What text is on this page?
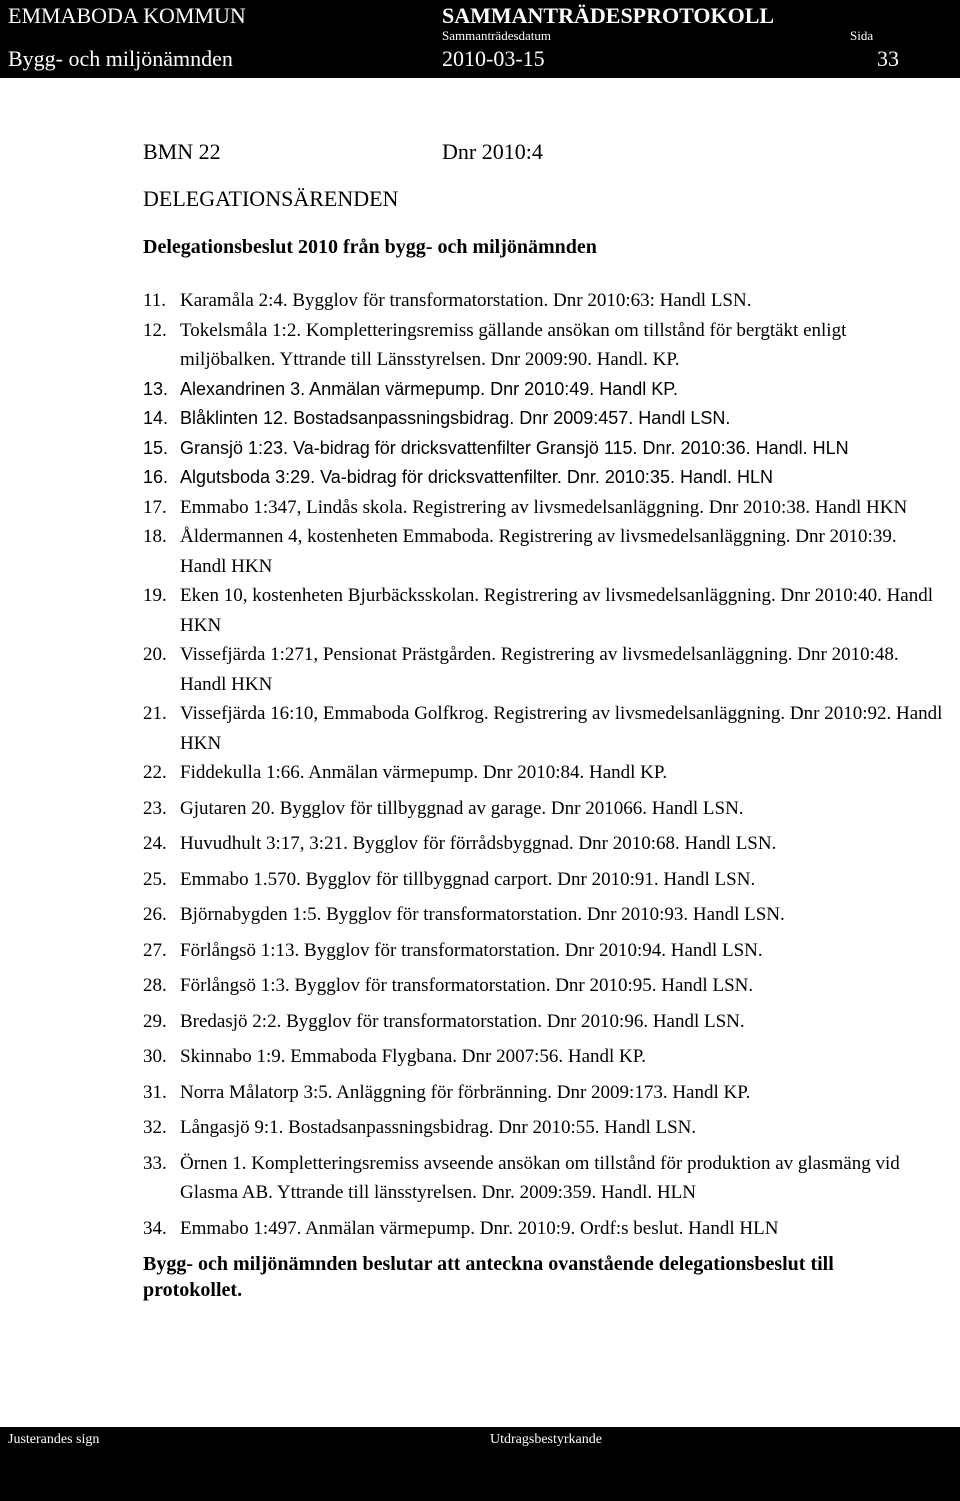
EMMABODA KOMMUN
Bygg- och miljönämnden
SAMMANTRÄDESPROTOKOLL
Sammanträdesdatum
2010-03-15
Sida
33
BMN 22	Dnr 2010:4
DELEGATIONSÄRENDEN
Delegationsbeslut 2010 från bygg- och miljönämnden
11. Karamåla 2:4. Bygglov för transformatorstation. Dnr 2010:63: Handl LSN.
12. Tokelsmåla 1:2. Kompletteringsremiss gällande ansökan om tillstånd för bergtäkt enligt miljöbalken. Yttrande till Länsstyrelsen. Dnr 2009:90. Handl. KP.
13. Alexandrinen 3. Anmälan värmepump. Dnr 2010:49. Handl KP.
14. Blåklinten 12. Bostadsanpassningsbidrag. Dnr 2009:457. Handl LSN.
15. Gransjö 1:23. Va-bidrag för dricksvattenfilter Gransjö 115. Dnr. 2010:36. Handl. HLN
16. Algutsboda 3:29. Va-bidrag för dricksvattenfilter. Dnr. 2010:35. Handl. HLN
17. Emmabo 1:347, Lindås skola. Registrering av livsmedelsanläggning. Dnr 2010:38. Handl HKN
18. Åldermannen 4, kostenheten Emmaboda. Registrering av livsmedelsanläggning. Dnr 2010:39. Handl HKN
19. Eken 10, kostenheten Bjurbäcksskolan. Registrering av livsmedelsanläggning. Dnr 2010:40. Handl HKN
20. Vissefjärda 1:271, Pensionat Prästgården. Registrering av livsmedelsanläggning. Dnr 2010:48. Handl HKN
21. Vissefjärda 16:10, Emmaboda Golfkrog. Registrering av livsmedelsanläggning. Dnr 2010:92. Handl HKN
22. Fiddekulla 1:66. Anmälan värmepump. Dnr 2010:84. Handl KP.
23. Gjutaren 20. Bygglov för tillbyggnad av garage. Dnr 201066. Handl LSN.
24. Huvudhult 3:17, 3:21. Bygglov för förrådsbyggnad. Dnr 2010:68. Handl LSN.
25. Emmabo 1.570. Bygglov för tillbyggnad carport. Dnr 2010:91. Handl LSN.
26. Björnabygden 1:5. Bygglov för transformatorstation. Dnr 2010:93. Handl LSN.
27. Förlångsö 1:13. Bygglov för transformatorstation. Dnr 2010:94. Handl LSN.
28. Förlångsö 1:3. Bygglov för transformatorstation. Dnr 2010:95. Handl LSN.
29. Bredasjö 2:2. Bygglov för transformatorstation. Dnr 2010:96. Handl LSN.
30. Skinnabo 1:9. Emmaboda Flygbana. Dnr 2007:56. Handl KP.
31. Norra Målatorp 3:5. Anläggning för förbränning. Dnr 2009:173. Handl KP.
32. Långasjö 9:1. Bostadsanpassningsbidrag. Dnr 2010:55. Handl LSN.
33. Örnen 1. Kompletteringsremiss avseende ansökan om tillstånd för produktion av glasmäng vid Glasma AB. Yttrande till länsstyrelsen. Dnr. 2009:359. Handl. HLN
34. Emmabo 1:497. Anmälan värmepump. Dnr. 2010:9. Ordf:s beslut. Handl HLN
Bygg- och miljönämnden beslutar att anteckna ovanstående delegationsbeslut till protokollet.
Justerandes sign	Utdragsbestyrkande
